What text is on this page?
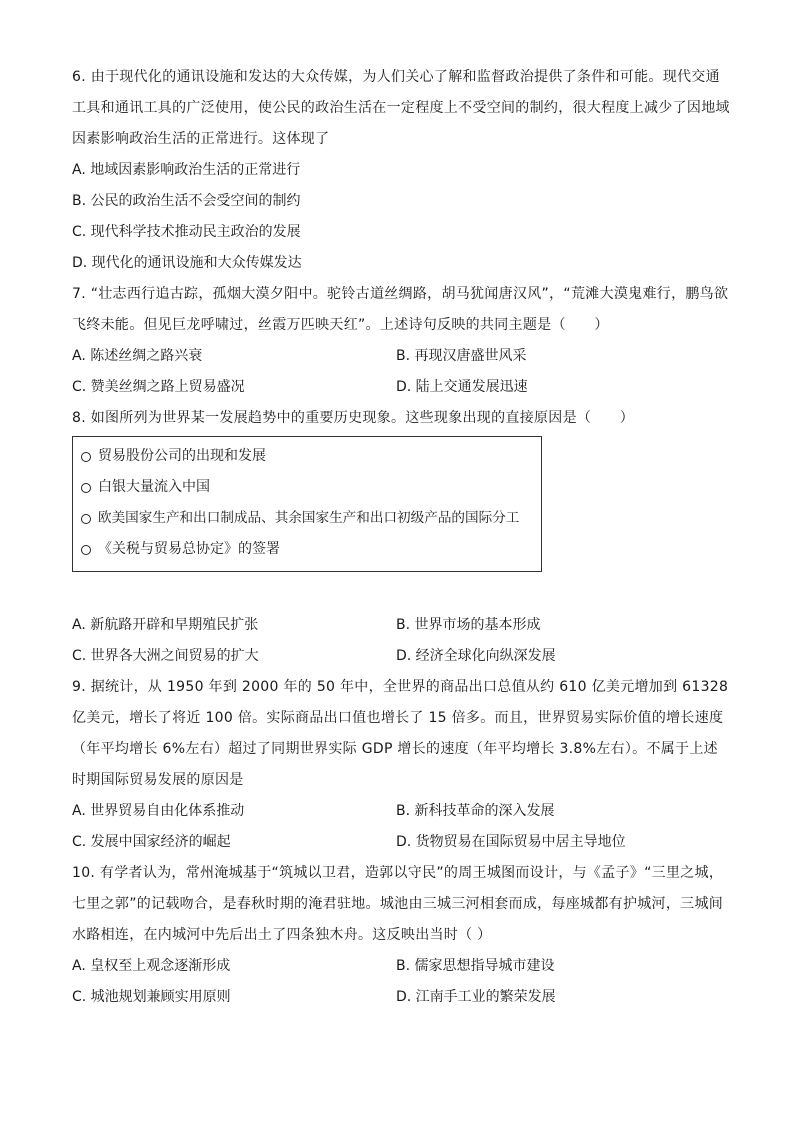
6. 由于现代化的通讯设施和发达的大众传媒，为人们关心了解和监督政治提供了条件和可能。现代交通工具和通讯工具的广泛使用，使公民的政治生活在一定程度上不受空间的制约，很大程度上减少了因地域因素影响政治生活的正常进行。这体现了

A. 地域因素影响政治生活的正常进行
B. 公民的政治生活不会受空间的制约
C. 现代科学技术推动民主政治的发展
D. 现代化的通讯设施和大众传媒发达

7. “壮志西行追古踪，孤烟大漠夕阳中。驼铃古道丝绸路，胡马犹闻唐汉风”，“荒滩大漠鬼难行，鹏鸟欲飞终未能。但见巨龙呼啸过，丝霞万匹映天红”。上述诗句反映的共同主题是（　　）

A. 陈述丝绸之路兴衰	B. 再现汉唐盛世风采
C. 赞美丝绸之路上贸易盛况	D. 陆上交通发展迅速

8. 如图所列为世界某一发展趋势中的重要历史现象。这些现象出现的直接原因是（　　）

贸易股份公司的出现和发展
白银大量流入中国
欧美国家生产和出口制成品、其余国家生产和出口初级产品的国际分工
《关税与贸易总协定》的签署
A. 新航路开辟和早期殖民扩张	B. 世界市场的基本形成
C. 世界各大洲之间贸易的扩大	D. 经济全球化向纵深发展

9. 据统计，从 1950 年到 2000 年的 50 年中，全世界的商品出口总值从约 610 亿美元增加到 61328 亿美元，增长了将近 100 倍。实际商品出口值也增长了 15 倍多。而且，世界贸易实际价值的增长速度（年平均增长 6%左右）超过了同期世界实际 GDP 增长的速度（年平均增长 3.8%左右）。不属于上述时期国际贸易发展的原因是

A. 世界贸易自由化体系推动	B. 新科技革命的深入发展
C. 发展中国家经济的崛起	D. 货物贸易在国际贸易中居主导地位

10. 有学者认为，常州淹城基于“筑城以卫君，造郭以守民”的周王城图而设计，与《孟子》“三里之城，七里之郭”的记载吻合，是春秋时期的淹君驻地。城池由三城三河相套而成，每座城都有护城河，三城间水路相连，在内城河中先后出土了四条独木舟。这反映出当时（ ）

A. 皇权至上观念逐渐形成	B. 儒家思想指导城市建设
C. 城池规划兼顾实用原则	D. 江南手工业的繁荣发展
